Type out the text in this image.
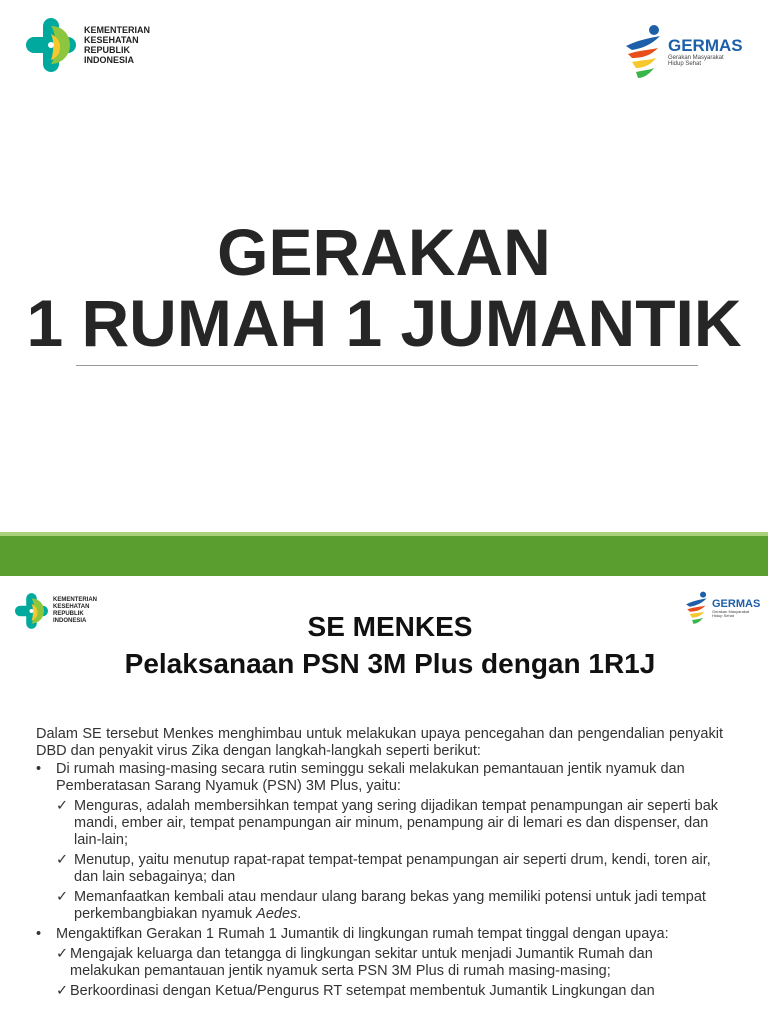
KEMENTERIAN
KESEHATAN
REPUBLIK
INDONESIA
GERMAS
Gerakan Masyarakat
Hidup Sehat
GERAKAN
1 RUMAH 1 JUMANTIK
KEMENTERIAN
KESEHATAN
REPUBLIK
INDONESIA
GERMAS
Gerakan Masyarakat
Hidup Sehat
SE MENKES
Pelaksanaan PSN 3M Plus dengan 1R1J

Dalam SE tersebut Menkes menghimbau untuk melakukan upaya pencegahan dan pengendalian penyakit DBD dan penyakit virus Zika dengan langkah-langkah seperti berikut:

• Di rumah masing-masing secara rutin seminggu sekali melakukan pemantauan jentik nyamuk dan Pemberatasan Sarang Nyamuk (PSN) 3M Plus, yaitu:
✓ Menguras, adalah membersihkan tempat yang sering dijadikan tempat penampungan air seperti bak mandi, ember air, tempat penampungan air minum, penampung air di lemari es dan dispenser, dan lain-lain;
✓ Menutup, yaitu menutup rapat-rapat tempat-tempat penampungan air seperti drum, kendi, toren air, dan lain sebagainya; dan
✓ Memanfaatkan kembali atau mendaur ulang barang bekas yang memiliki potensi untuk jadi tempat perkembangbiakan nyamuk Aedes.
• Mengaktifkan Gerakan 1 Rumah 1 Jumantik di lingkungan rumah tempat tinggal dengan upaya:
✓ Mengajak keluarga dan tetangga di lingkungan sekitar untuk menjadi Jumantik Rumah dan melakukan pemantauan jentik nyamuk serta PSN 3M Plus di rumah masing-masing;
✓ Berkoordinasi dengan Ketua/Pengurus RT setempat membentuk Jumantik Lingkungan dan
